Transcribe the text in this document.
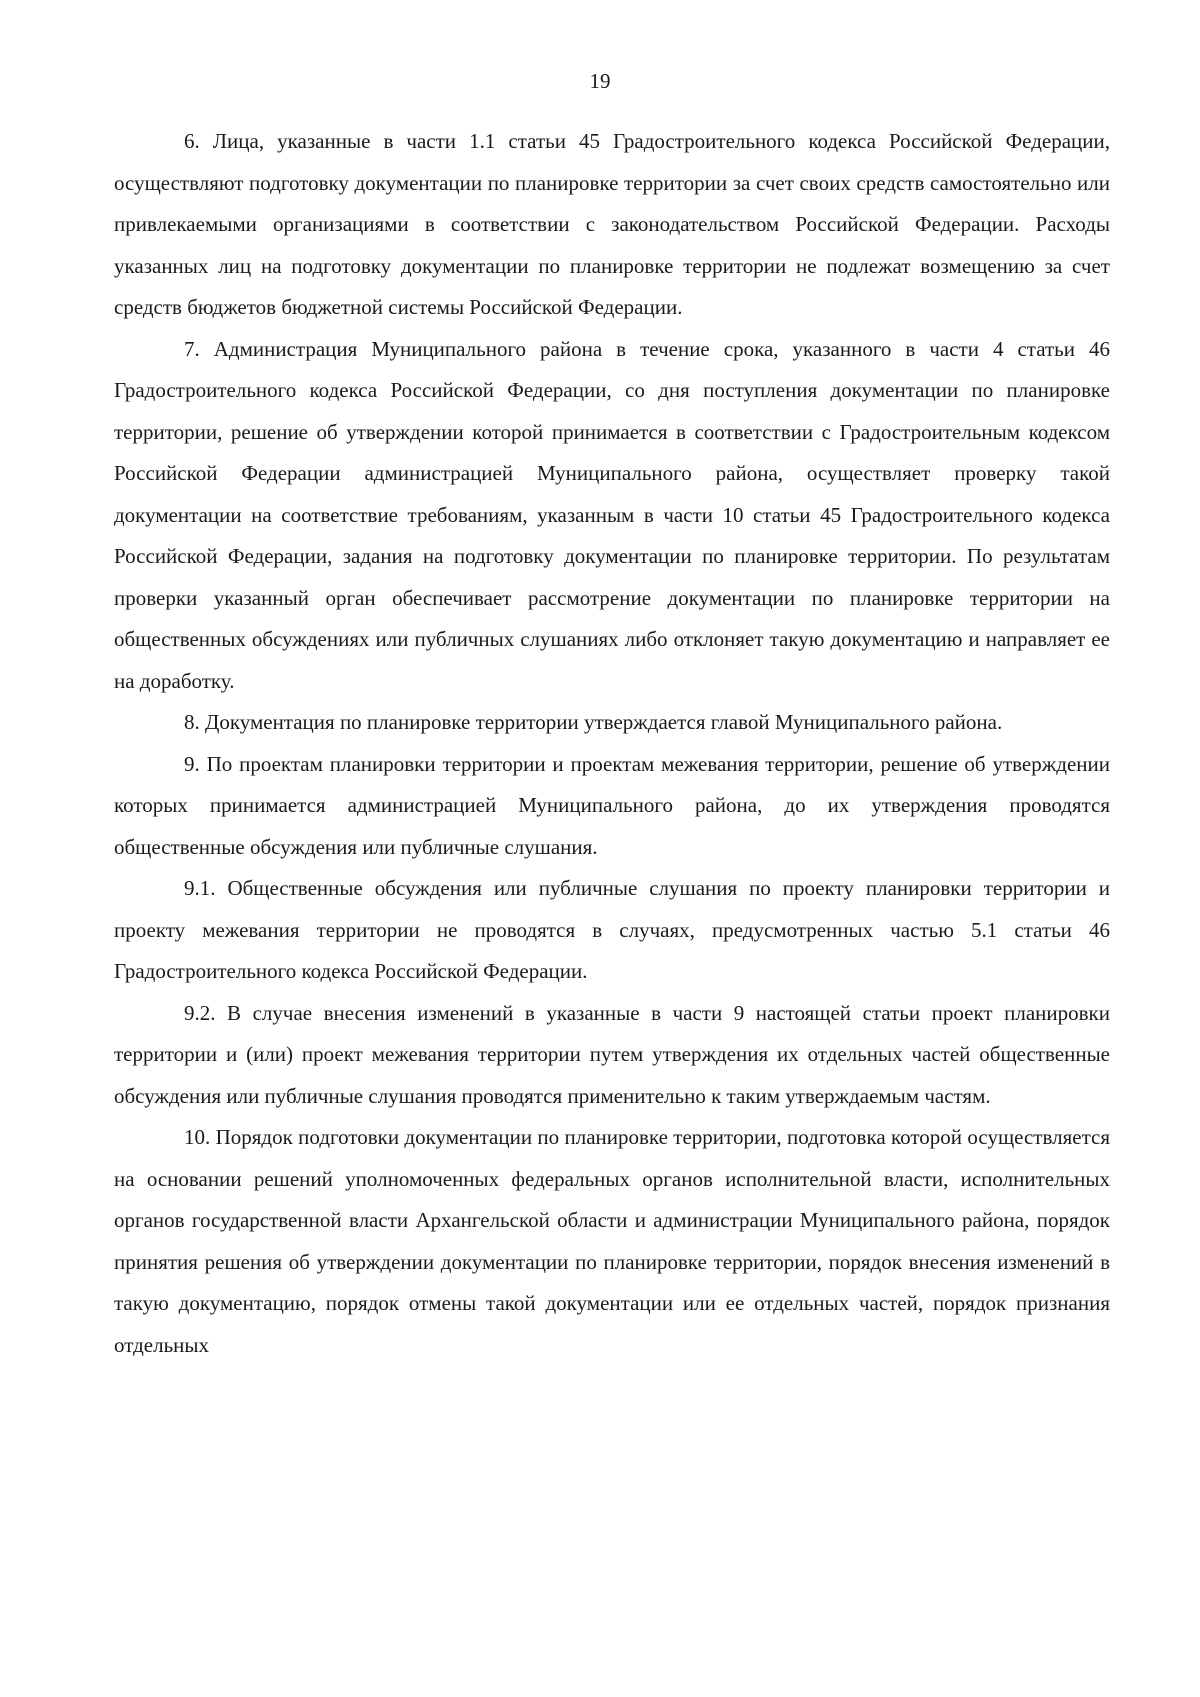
19

6. Лица, указанные в части 1.1 статьи 45 Градостроительного кодекса Российской Федерации, осуществляют подготовку документации по планировке территории за счет своих средств самостоятельно или привлекаемыми организациями в соответствии с законодательством Российской Федерации. Расходы указанных лиц на подготовку документации по планировке территории не подлежат возмещению за счет средств бюджетов бюджетной системы Российской Федерации.

7. Администрация Муниципального района в течение срока, указанного в части 4 статьи 46 Градостроительного кодекса Российской Федерации, со дня поступления документации по планировке территории, решение об утверждении которой принимается в соответствии с Градостроительным кодексом Российской Федерации администрацией Муниципального района, осуществляет проверку такой документации на соответствие требованиям, указанным в части 10 статьи 45 Градостроительного кодекса Российской Федерации, задания на подготовку документации по планировке территории. По результатам проверки указанный орган обеспечивает рассмотрение документации по планировке территории на общественных обсуждениях или публичных слушаниях либо отклоняет такую документацию и направляет ее на доработку.

8. Документация по планировке территории утверждается главой Муниципального района.

9. По проектам планировки территории и проектам межевания территории, решение об утверждении которых принимается администрацией Муниципального района, до их утверждения проводятся общественные обсуждения или публичные слушания.

9.1. Общественные обсуждения или публичные слушания по проекту планировки территории и проекту межевания территории не проводятся в случаях, предусмотренных частью 5.1 статьи 46 Градостроительного кодекса Российской Федерации.

9.2. В случае внесения изменений в указанные в части 9 настоящей статьи проект планировки территории и (или) проект межевания территории путем утверждения их отдельных частей общественные обсуждения или публичные слушания проводятся применительно к таким утверждаемым частям.

10. Порядок подготовки документации по планировке территории, подготовка которой осуществляется на основании решений уполномоченных федеральных органов исполнительной власти, исполнительных органов государственной власти Архангельской области и администрации Муниципального района, порядок принятия решения об утверждении документации по планировке территории, порядок внесения изменений в такую документацию, порядок отмены такой документации или ее отдельных частей, порядок признания отдельных
